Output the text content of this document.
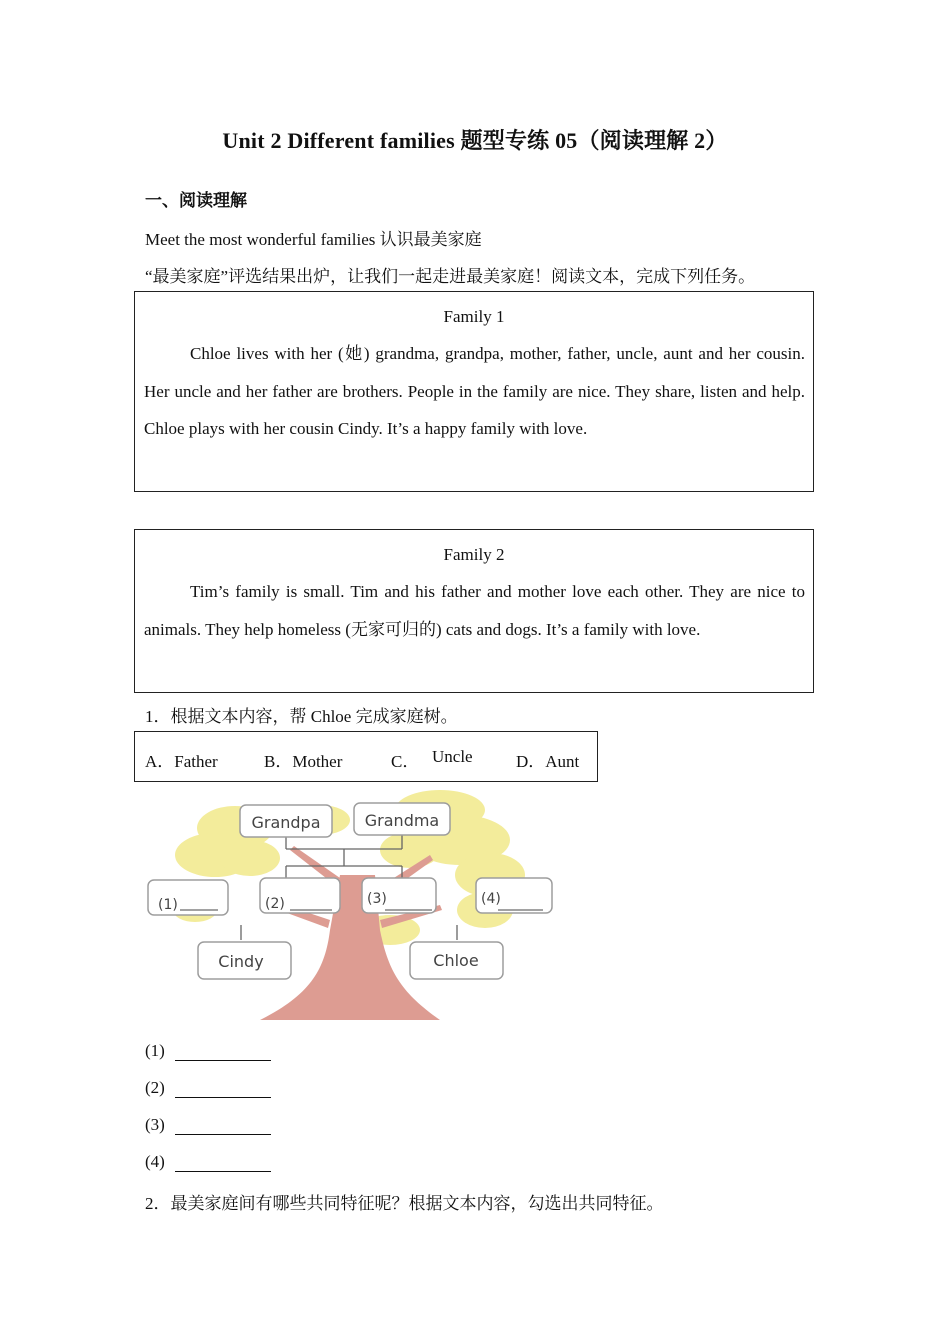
Unit 2 Different families 题型专练 05（阅读理解 2）
一、阅读理解
Meet the most wonderful families 认识最美家庭
“最美家庭”评选结果出炉，让我们一起走进最美家庭！阅读文本，完成下列任务。
Family 1
Chloe lives with her (她) grandma, grandpa, mother, father, uncle, aunt and her cousin. Her uncle and her father are brothers. People in the family are nice. They share, listen and help. Chloe plays with her cousin Cindy. It’s a happy family with love.
Family 2
Tim’s family is small. Tim and his father and mother love each other. They are nice to animals. They help homeless (无家可归的) cats and dogs. It’s a family with love.
1．根据文本内容，帮 Chloe 完成家庭树。
A．Father	B．Mother	C． Uncle	D．Aunt
Grandpa	Grandma
(1)	(2)	(3)	(4)
Cindy	Chloe
(1)
(2)
(3)
(4)
2．最美家庭间有哪些共同特征呢？根据文本内容，勾选出共同特征。
